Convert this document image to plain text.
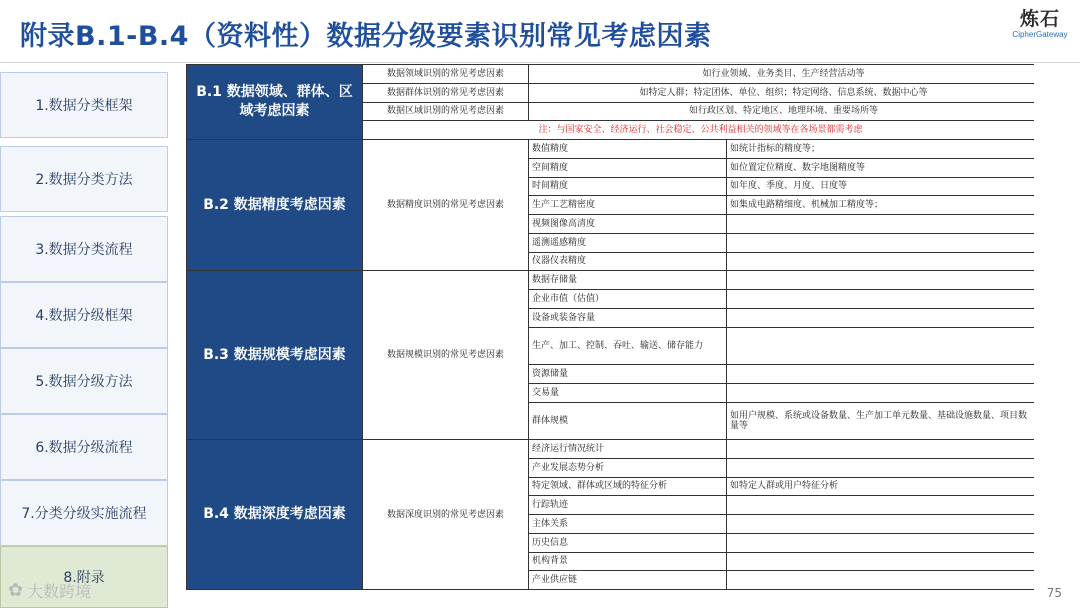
附录B.1-B.4（资料性）数据分级要素识别常见考虑因素
炼石
CipherGateway
1.数据分类框架
2.数据分类方法
3.数据分类流程
4.数据分级框架
5.数据分级方法
6.数据分级流程
7.分类分级实施流程
8.附录
B.1 数据领域、群体、区域考虑因素
数据领域识别的常见考虑因素	如行业领域、业务类目、生产经营活动等
数据群体识别的常见考虑因素	如特定人群；特定团体、单位、组织；特定网络、信息系统、数据中心等
数据区域识别的常见考虑因素	如行政区划、特定地区、地理环境、重要场所等
注：与国家安全、经济运行、社会稳定、公共利益相关的领域等在各场景都需考虑
B.2 数据精度考虑因素	数据精度识别的常见考虑因素
数值精度	如统计指标的精度等；
空间精度	如位置定位精度、数字地图精度等
时间精度	如年度、季度、月度、日度等
生产工艺精密度	如集成电路精细度、机械加工精度等；
视频图像高清度
遥测遥感精度
仪器仪表精度
B.3 数据规模考虑因素	数据规模识别的常见考虑因素
数据存储量
企业市值（估值）
设备或装备容量
生产、加工、控制、吞吐、输送、储存能力
资源储量
交易量
群体规模	如用户规模、系统或设备数量、生产加工单元数量、基础设施数量、项目数量等
B.4 数据深度考虑因素	数据深度识别的常见考虑因素
经济运行情况统计
产业发展态势分析
特定领域、群体或区域的特征分析	如特定人群或用户特征分析
行踪轨迹
主体关系
历史信息
机构背景
产业供应链
✿ 大数跨境	75
